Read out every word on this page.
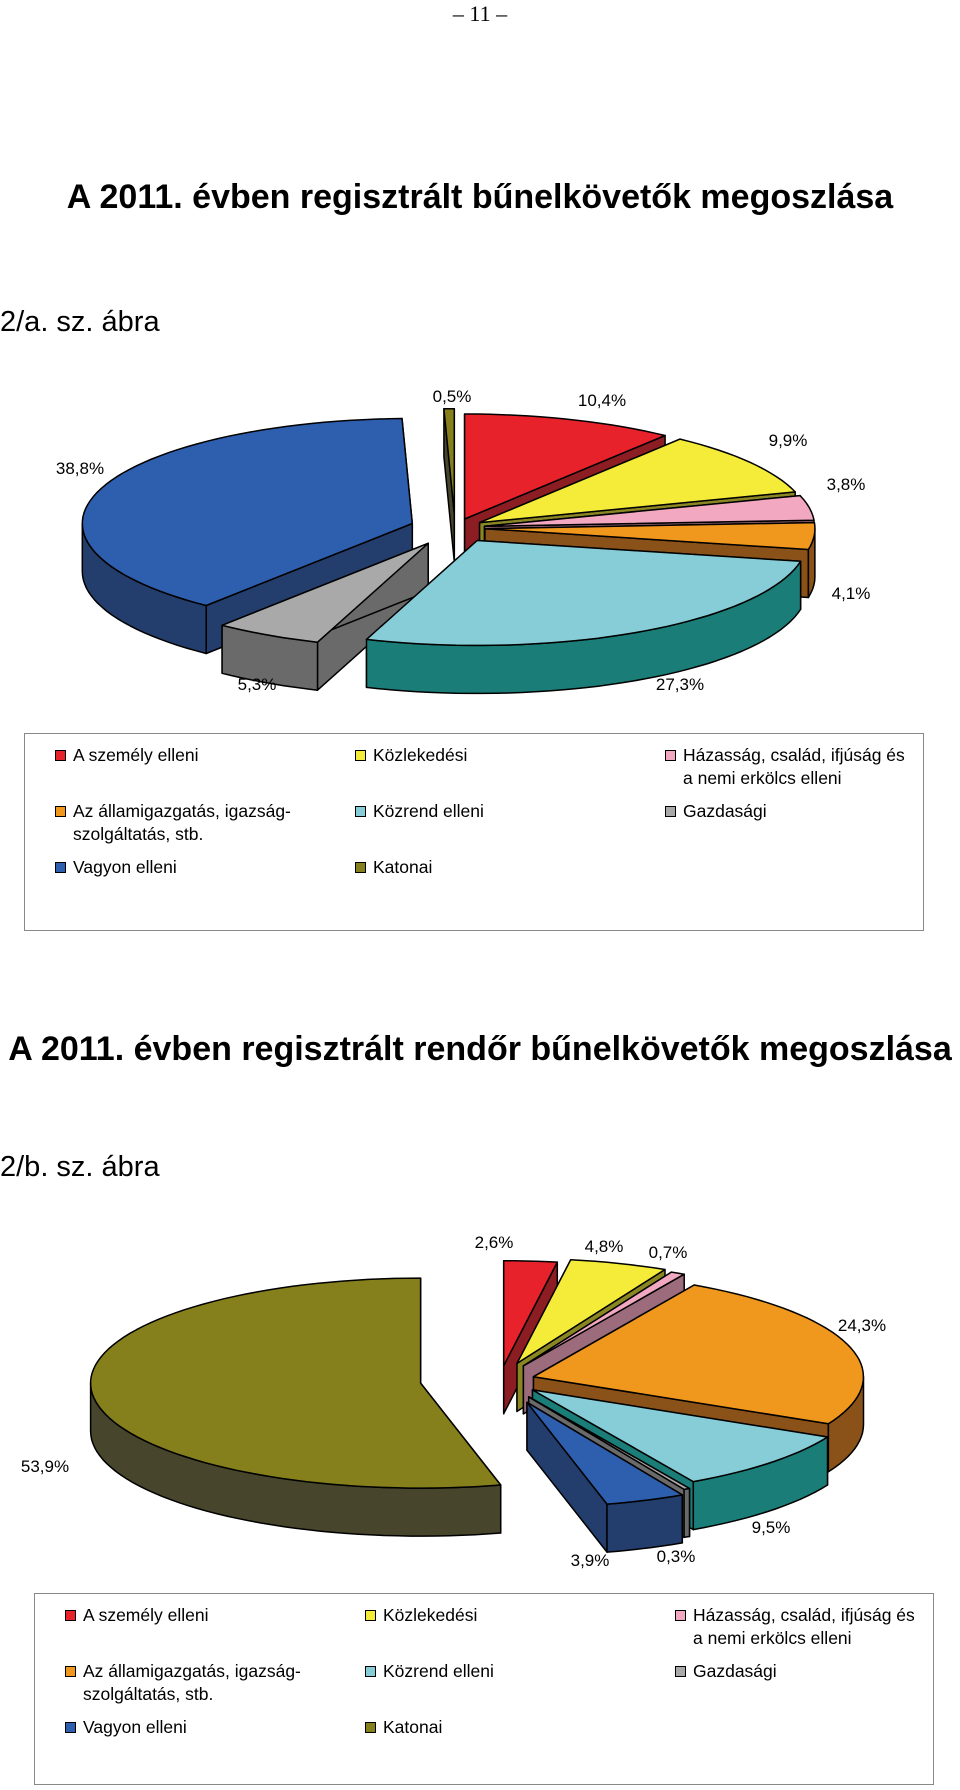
– 11 –
A 2011. évben regisztrált bűnelkövetők megoszlása
2/a. sz. ábra
10,4%
9,9%
3,8%
4,1%
27,3%
5,3%
38,8%
0,5%
A személy elleni	Közlekedési	Házasság, család, ifjúság és
a nemi erkölcs elleni
Az államigazgatás, igazság-
szolgáltatás, stb.
Közrend elleni	Gazdasági
Vagyon elleni	Katonai
A 2011. évben regisztrált rendőr bűnelkövetők megoszlása
2/b. sz. ábra
2,6%	4,8% 0,7%
24,3%
9,5%
0,3%
3,9%
53,9%
A személy elleni	Közlekedési	Házasság, család, ifjúság és
a nemi erkölcs elleni
Az államigazgatás, igazság-
szolgáltatás, stb.
Közrend elleni	Gazdasági
Vagyon elleni	Katonai
